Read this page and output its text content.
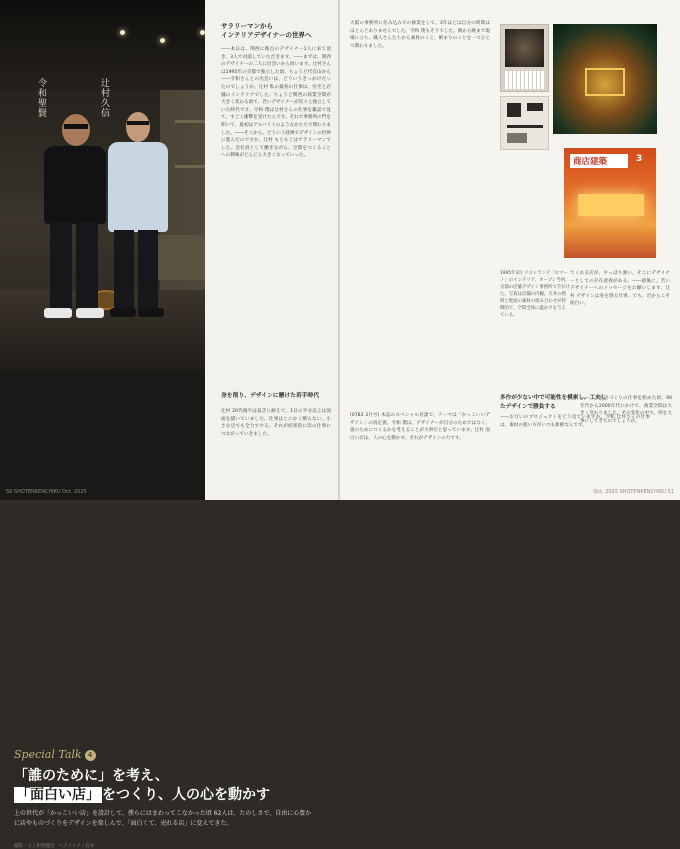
令和聖賢	辻村久信
Special Talk 4
「誰のために」を考え、
「面白い店」 をつくり、人の心を動かす
上の世代が「かっこいい店」を設計して、僕らにはまわってこなかった頃 62人は、たのしさで、自由に心豊かに店やものづくりをデザインを楽しんで、「面白くて、売れる店」に変えてきた。
撮影・文 / 和賀健吾　ヘアメイク / 岩井
50 SHOTENKENCHIKU Oct. 2025
サラリーマンから
インテリアデザイナーの世界へ
――本日は、関西に拠点のデザイナー1人に来て頂き、3人で対談していただきます。――まずは、関西のデザイナーの二人に出会いから伺います。辻村さんは1995年の京都で独立した頃、ちょうど代官山から――令和さんとの出会いは、どういうきっかけだったのでしょうか。辻村 私の最初の仕事は、住宅と店舗のインテリアでした。ちょうど関西の商業空間が大きく変わる頃で、若いデザイナーが次々と独立していた時代です。令和 僕は辻村さんの仕事を雑誌で見て、すごく衝撃を受けたんです。それで事務所の門を叩いて、最初はアルバイトのようなかたちで関わりました。――そこから、どういう経緯でデザインの世界に進んだのですか。辻村 もともとはサラリーマンでした。会社員として働きながら、空間をつくることへの興味がどんどん大きくなっていった。
身を削り、デザインに懸けた若手時代
辻村 20代後半は貧乏に耐えて、1日の半分以上は図面を描いていました。仕事はとにかく断らない。小さな店でも全力でやる。それが結果的に次の仕事につながっていきました。
大阪の事務所に住み込みでの修業をして、3年ほどは自分の時間はほとんどありませんでした。令和 僕もそうでした。朝から晩まで現場に立ち、職人さんたちから素材のこと、納まりのことを一つひとつ教わりました。
(0783 3月号) 本誌のスペシャル対談で、テーマは「かっこいいデザイン」の再定義。令和 僕は、デザイナーが自分のためではなく、誰のためにつくるかを考えることが大事だと思っています。辻村 面白い店は、人の心を動かす。それがデザインの力です。
多作が少ない中で可能性を模索し、工夫したデザインで勝負する
――お互いのプロジェクトをどう見ていますか。令和 辻村さんの仕事は、素材の使い方がいつも新鮮なんです。
1995年3月 リストランテ「ロマーノ」のインテリア。オープン当初、京都の店舗デザイン事務所で手がけた。写真は店舗の内観。天井の照明と壁面の素材の組み合わせが特徴的で、空間全体に温かさを与えている。
てくれる店が、やっぱり強い。そこにデザイナーとしての存在意義がある。――最後に、若いデザイナーへのメッセージをお願いします。辻村 デザインは身を削る仕事。でも、だからこそ面白い。
――二人が店づくりの仕事を始めた頃、90年代から2000年代にかけて、商業空間は大きく変わりました。その変化の中で、何を大事にしてきたのでしょうか。
商店建築	3
Oct. 2025 SHOTENKENCHIKU 51
